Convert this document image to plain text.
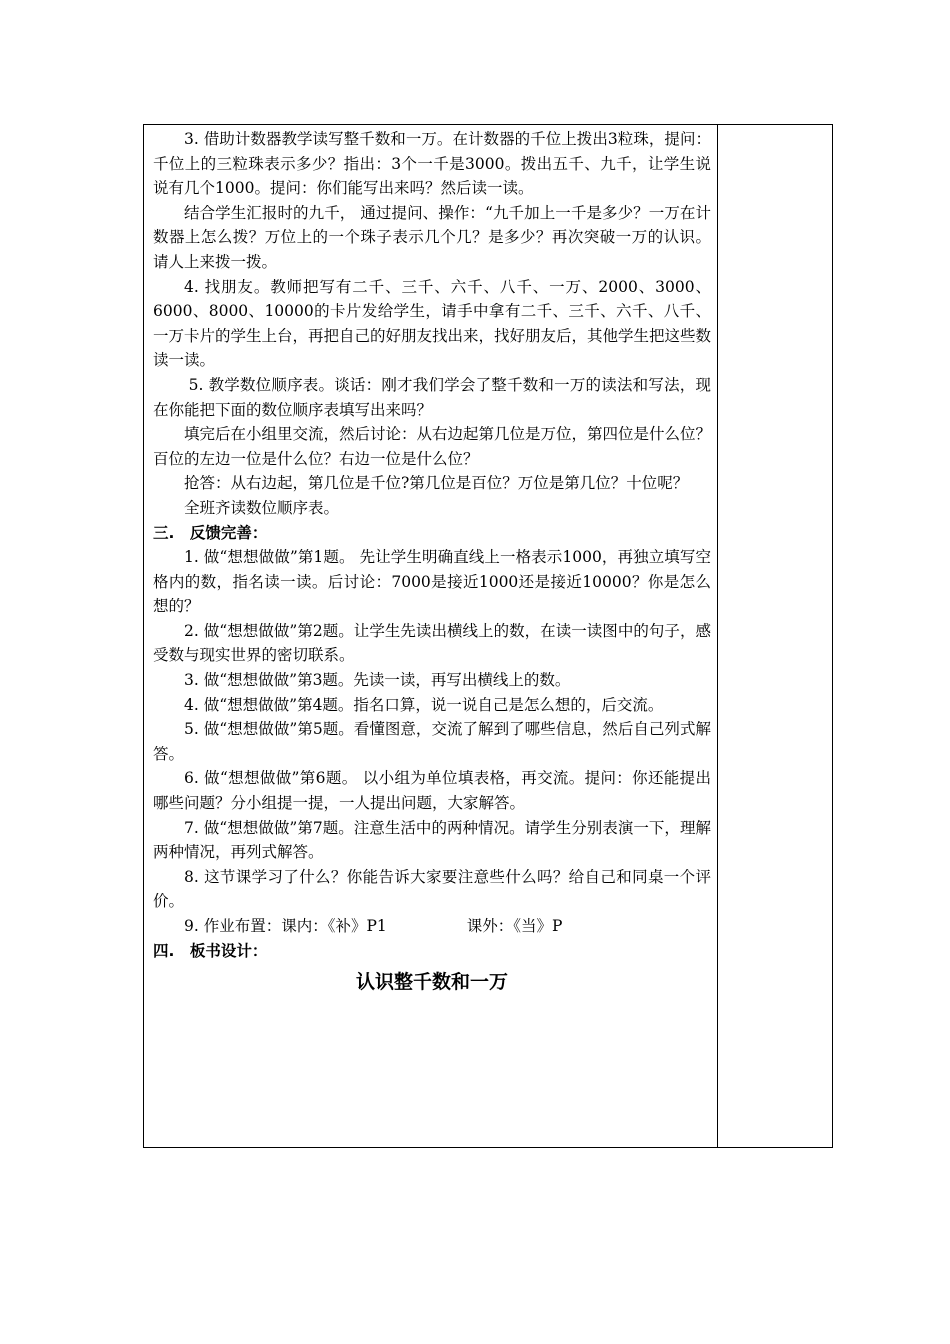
3. 借助计数器教学读写整千数和一万。在计数器的千位上拨出3粒珠，提问：千位上的三粒珠表示多少？指出：3个一千是3000。拨出五千、九千，让学生说说有几个1000。提问：你们能写出来吗？然后读一读。

结合学生汇报时的九千， 通过提问、操作：“九千加上一千是多少？一万在计数器上怎么拨？万位上的一个珠子表示几个几？是多少？再次突破一万的认识。 请人上来拨一拨。

4. 找朋友。教师把写有二千、三千、六千、八千、一万、2000、3000、6000、8000、10000的卡片发给学生，请手中拿有二千、三千、六千、八千、一万卡片的学生上台，再把自己的好朋友找出来，找好朋友后，其他学生把这些数读一读。

5. 教学数位顺序表。谈话：刚才我们学会了整千数和一万的读法和写法，现在你能把下面的数位顺序表填写出来吗？

填完后在小组里交流，然后讨论：从右边起第几位是万位，第四位是什么位？百位的左边一位是什么位？右边一位是什么位？

抢答：从右边起，第几位是千位?第几位是百位？万位是第几位？十位呢？

全班齐读数位顺序表。

三.　反馈完善：

1. 做“想想做做”第1题。 先让学生明确直线上一格表示1000，再独立填写空格内的数，指名读一读。后讨论：7000是接近1000还是接近10000？你是怎么想的？

2. 做“想想做做”第2题。让学生先读出横线上的数，在读一读图中的句子，感受数与现实世界的密切联系。

3. 做“想想做做”第3题。先读一读，再写出横线上的数。

4. 做“想想做做”第4题。指名口算，说一说自己是怎么想的，后交流。

5. 做“想想做做”第5题。看懂图意，交流了解到了哪些信息，然后自己列式解答。

6. 做“想想做做”第6题。 以小组为单位填表格，再交流。提问：你还能提出哪些问题？分小组提一提，一人提出问题，大家解答。

7. 做“想想做做”第7题。注意生活中的两种情况。请学生分别表演一下，理解两种情况，再列式解答。

8. 这节课学习了什么？你能告诉大家要注意些什么吗？给自己和同桌一个评价。

9. 作业布置：课内：《补》P1	课外：《当》P

四.　板书设计：

认识整千数和一万
